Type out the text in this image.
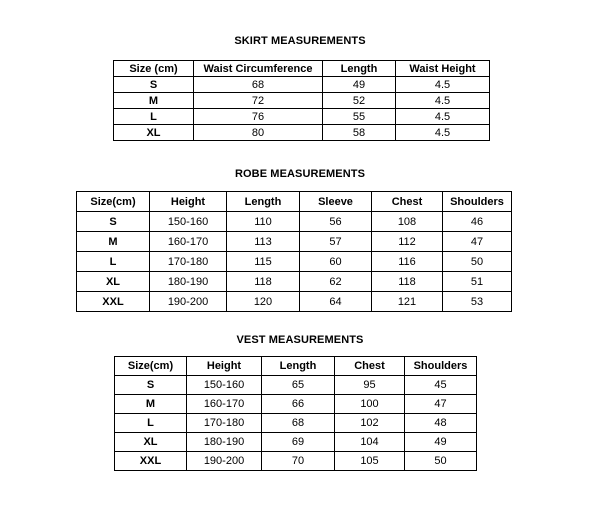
SKIRT MEASUREMENTS
Size (cm)	Waist Circumference	Length	Waist Height
S	68	49	4.5
M	72	52	4.5
L	76	55	4.5
XL	80	58	4.5
ROBE MEASUREMENTS
Size(cm)	Height	Length	Sleeve	Chest	Shoulders
S	150-160	110	56	108	46
M	160-170	113	57	112	47
L	170-180	115	60	116	50
XL	180-190	118	62	118	51
XXL	190-200	120	64	121	53
VEST MEASUREMENTS
Size(cm)	Height	Length	Chest	Shoulders
S	150-160	65	95	45
M	160-170	66	100	47
L	170-180	68	102	48
XL	180-190	69	104	49
XXL	190-200	70	105	50
